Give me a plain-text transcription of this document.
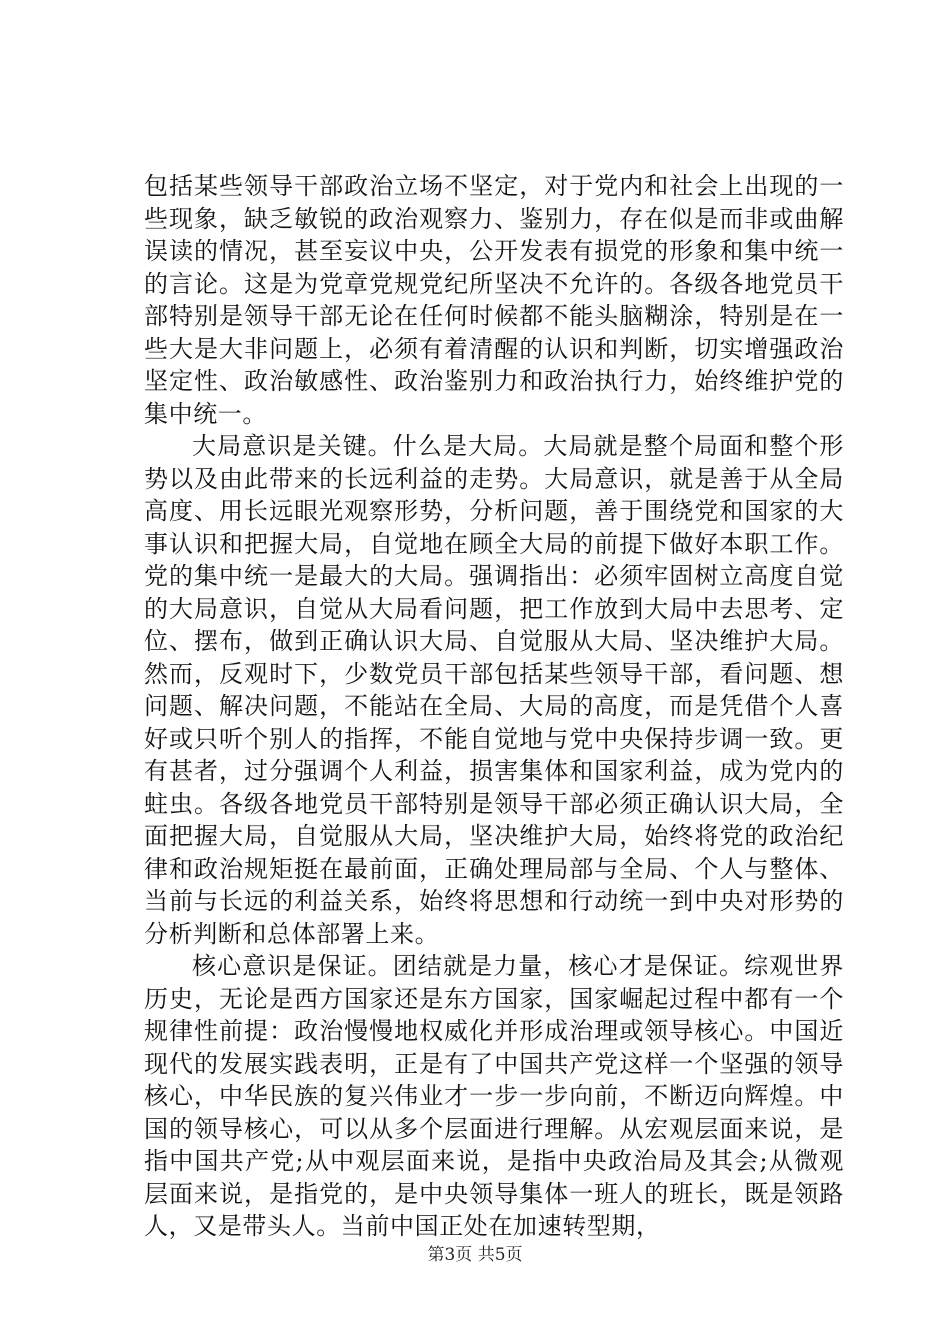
包括某些领导干部政治立场不坚定，对于党内和社会上出现的一些现象，缺乏敏锐的政治观察力、鉴别力，存在似是而非或曲解误读的情况，甚至妄议中央，公开发表有损党的形象和集中统一的言论。这是为党章党规党纪所坚决不允许的。各级各地党员干部特别是领导干部无论在任何时候都不能头脑糊涂，特别是在一些大是大非问题上，必须有着清醒的认识和判断，切实增强政治坚定性、政治敏感性、政治鉴别力和政治执行力，始终维护党的集中统一。

大局意识是关键。什么是大局。大局就是整个局面和整个形势以及由此带来的长远利益的走势。大局意识，就是善于从全局高度、用长远眼光观察形势，分析问题，善于围绕党和国家的大事认识和把握大局，自觉地在顾全大局的前提下做好本职工作。党的集中统一是最大的大局。强调指出：必须牢固树立高度自觉的大局意识，自觉从大局看问题，把工作放到大局中去思考、定位、摆布，做到正确认识大局、自觉服从大局、坚决维护大局。然而，反观时下，少数党员干部包括某些领导干部，看问题、想问题、解决问题，不能站在全局、大局的高度，而是凭借个人喜好或只听个别人的指挥，不能自觉地与党中央保持步调一致。更有甚者，过分强调个人利益，损害集体和国家利益，成为党内的蛀虫。各级各地党员干部特别是领导干部必须正确认识大局，全面把握大局，自觉服从大局，坚决维护大局，始终将党的政治纪律和政治规矩挺在最前面，正确处理局部与全局、个人与整体、当前与长远的利益关系，始终将思想和行动统一到中央对形势的分析判断和总体部署上来。

核心意识是保证。团结就是力量，核心才是保证。综观世界历史，无论是西方国家还是东方国家，国家崛起过程中都有一个规律性前提：政治慢慢地权威化并形成治理或领导核心。中国近现代的发展实践表明，正是有了中国共产党这样一个坚强的领导核心，中华民族的复兴伟业才一步一步向前，不断迈向辉煌。中国的领导核心，可以从多个层面进行理解。从宏观层面来说，是指中国共产党;从中观层面来说，是指中央政治局及其会;从微观层面来说，是指党的，是中央领导集体一班人的班长，既是领路人，又是带头人。当前中国正处在加速转型期，

第3页 共5页
